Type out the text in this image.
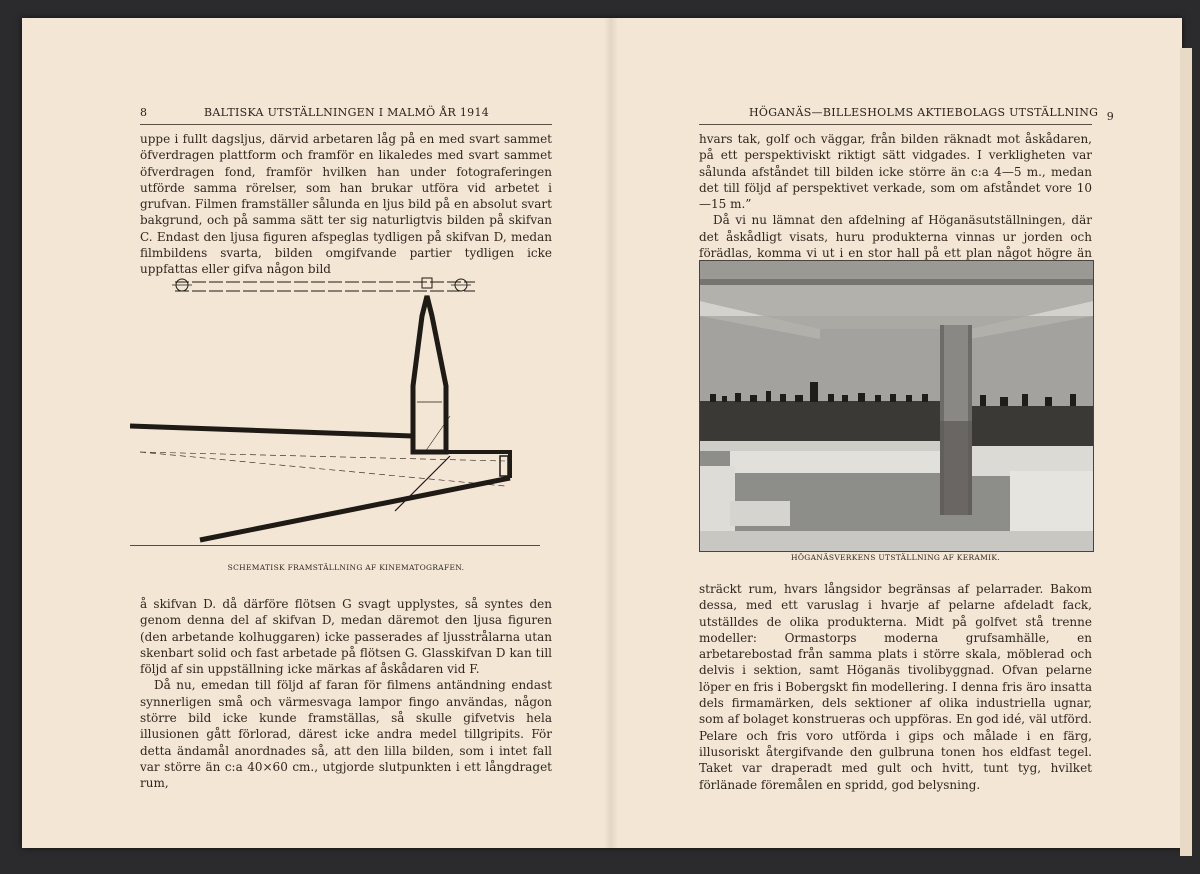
8	BALTISKA UTSTÄLLNINGEN I MALMÖ ÅR 1914

uppe i fullt dagsljus, därvid arbetaren låg på en med svart sammet öfverdragen plattform och framför en likaledes med svart sammet öfverdragen fond, framför hvilken han under fotograferingen utförde samma rörelser, som han brukar utföra vid arbetet i grufvan. Filmen framställer sålunda en ljus bild på en absolut svart bakgrund, och på samma sätt ter sig naturligtvis bilden på skifvan C. Endast den ljusa figuren afspeglas tydligen på skifvan D, medan filmbildens svarta, bilden omgifvande partier tydligen icke uppfattas eller gifva någon bild

SCHEMATISK FRAMSTÄLLNING AF KINEMATOGRAFEN.

å skifvan D. då därföre flötsen G svagt upplystes, så syntes den genom denna del af skifvan D, medan däremot den ljusa figuren (den arbetande kolhuggaren) icke passerades af ljusstrålarna utan skenbart solid och fast arbetade på flötsen G. Glasskifvan D kan till följd af sin uppställning icke märkas af åskådaren vid F.

Då nu, emedan till följd af faran för filmens antändning endast synnerligen små och värmesvaga lampor fingo användas, någon större bild icke kunde framställas, så skulle gifvetvis hela illusionen gått förlorad, därest icke andra medel tillgripits. För detta ändamål anordnades så, att den lilla bilden, som i intet fall var större än c:a 40×60 cm., utgjorde slutpunkten i ett långdraget rum,

HÖGANÄS—BILLESHOLMS AKTIEBOLAGS UTSTÄLLNING 9

hvars tak, golf och väggar, från bilden räknadt mot åskådaren, på ett perspektiviskt riktigt sätt vidgades. I verkligheten var sålunda afståndet till bilden icke större än c:a 4—5 m., medan det till följd af perspektivet verkade, som om afståndet vore 10—15 m.”

Då vi nu lämnat den afdelning af Höganäsutställningen, där det åskådligt visats, huru produkterna vinnas ur jorden och förädlas, komma vi ut i en stor hall på ett plan något högre än

HÖGANÄSVERKENS UTSTÄLLNING AF KERAMIK.

sträckt rum, hvars långsidor begränsas af pelarrader. Bakom dessa, med ett varuslag i hvarje af pelarne afdeladt fack, utställdes de olika produkterna. Midt på golfvet stå trenne modeller: Ormastorps moderna grufsamhälle, en arbetarebostad från samma plats i större skala, möblerad och delvis i sektion, samt Höganäs tivolibyggnad. Ofvan pelarne löper en fris i Bobergskt fin modellering. I denna fris äro insatta dels firmamärken, dels sektioner af olika industriella ugnar, som af bolaget konstrueras och uppföras. En god idé, väl utförd. Pelare och fris voro utförda i gips och målade i en färg, illusoriskt återgifvande den gulbruna tonen hos eldfast tegel. Taket var draperadt med gult och hvitt, tunt tyg, hvilket förlänade föremålen en spridd, god belysning.
